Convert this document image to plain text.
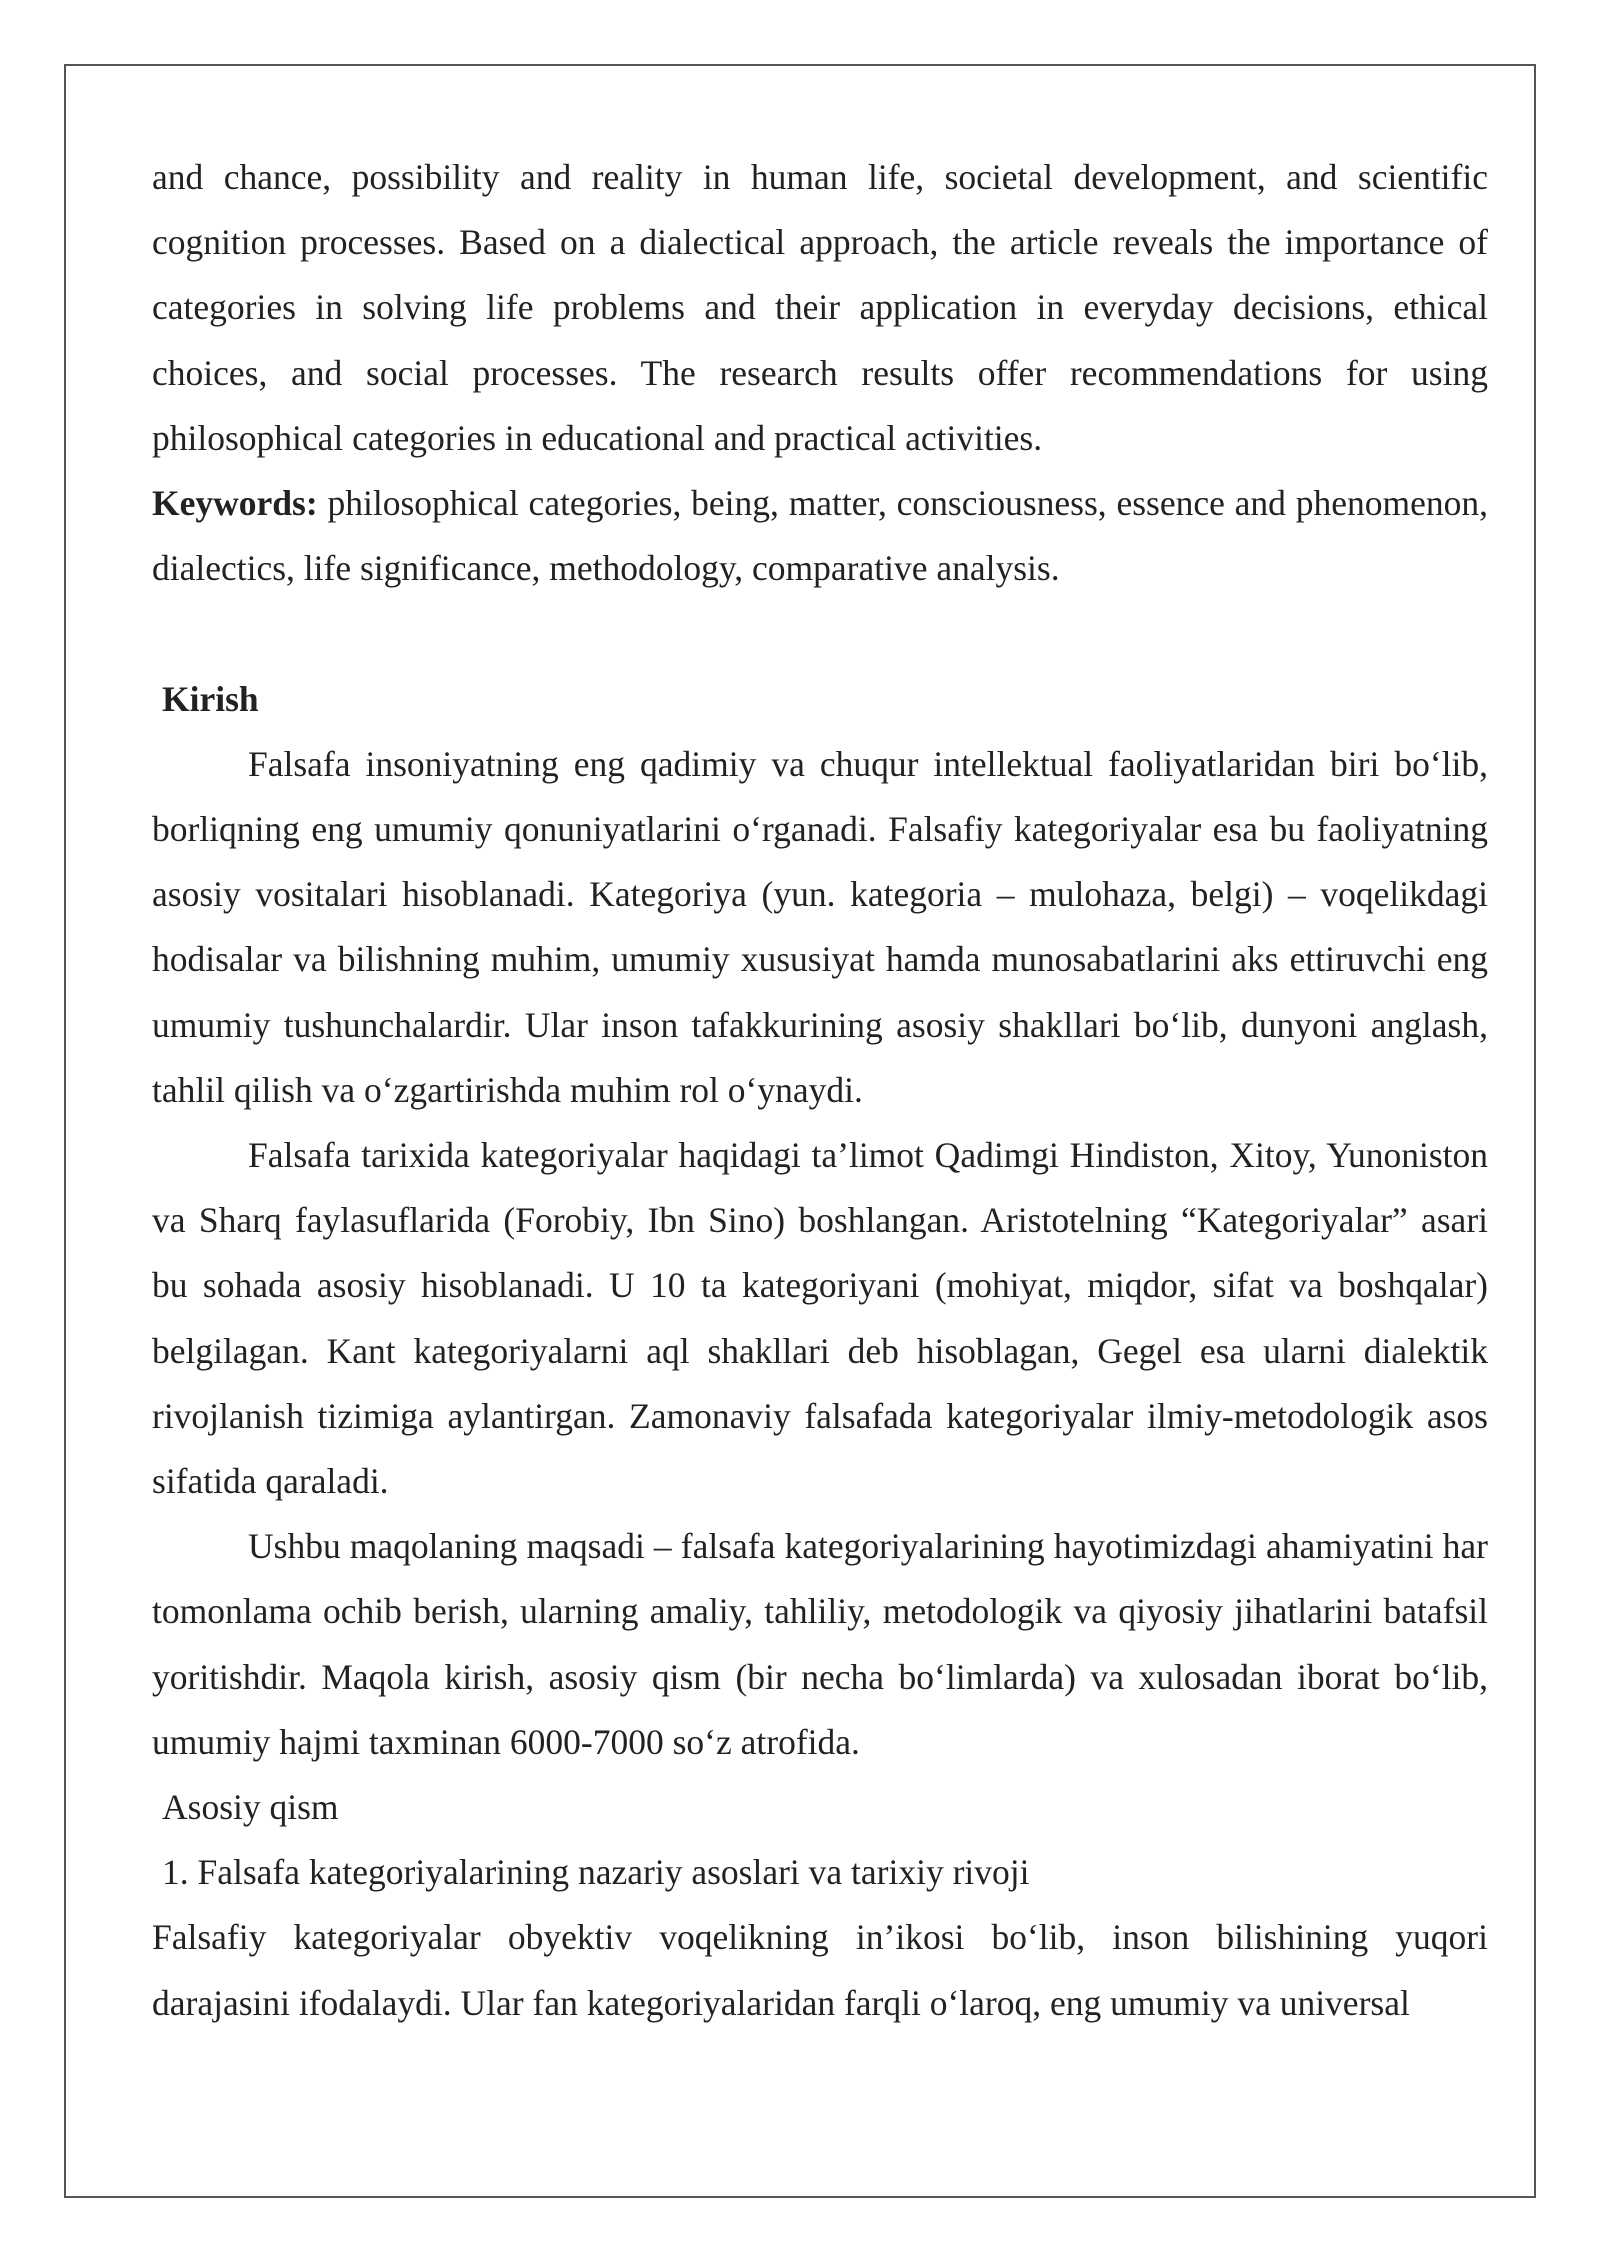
and chance, possibility and reality in human life, societal development, and scientific cognition processes. Based on a dialectical approach, the article reveals the importance of categories in solving life problems and their application in everyday decisions, ethical choices, and social processes. The research results offer recommendations for using philosophical categories in educational and practical activities.

Keywords: philosophical categories, being, matter, consciousness, essence and phenomenon, dialectics, life significance, methodology, comparative analysis.

Kirish

Falsafa insoniyatning eng qadimiy va chuqur intellektual faoliyatlaridan biri bo‘lib, borliqning eng umumiy qonuniyatlarini o‘rganadi. Falsafiy kategoriyalar esa bu faoliyatning asosiy vositalari hisoblanadi. Kategoriya (yun. kategoria – mulohaza, belgi) – voqelikdagi hodisalar va bilishning muhim, umumiy xususiyat hamda munosabatlarini aks ettiruvchi eng umumiy tushunchalardir. Ular inson tafakkurining asosiy shakllari bo‘lib, dunyoni anglash, tahlil qilish va o‘zgartirishda muhim rol o‘ynaydi.

Falsafa tarixida kategoriyalar haqidagi ta’limot Qadimgi Hindiston, Xitoy, Yunoniston va Sharq faylasuflarida (Forobiy, Ibn Sino) boshlangan. Aristotelning “Kategoriyalar” asari bu sohada asosiy hisoblanadi. U 10 ta kategoriyani (mohiyat, miqdor, sifat va boshqalar) belgilagan. Kant kategoriyalarni aql shakllari deb hisoblagan, Gegel esa ularni dialektik rivojlanish tizimiga aylantirgan. Zamonaviy falsafada kategoriyalar ilmiy-metodologik asos sifatida qaraladi.

Ushbu maqolaning maqsadi – falsafa kategoriyalarining hayotimizdagi ahamiyatini har tomonlama ochib berish, ularning amaliy, tahliliy, metodologik va qiyosiy jihatlarini batafsil yoritishdir. Maqola kirish, asosiy qism (bir necha bo‘limlarda) va xulosadan iborat bo‘lib, umumiy hajmi taxminan 6000-7000 so‘z atrofida.

Asosiy qism
1. Falsafa kategoriyalarining nazariy asoslari va tarixiy rivoji

Falsafiy kategoriyalar obyektiv voqelikning in’ikosi bo‘lib, inson bilishining yuqori darajasini ifodalaydi. Ular fan kategoriyalaridan farqli o‘laroq, eng umumiy va universal
